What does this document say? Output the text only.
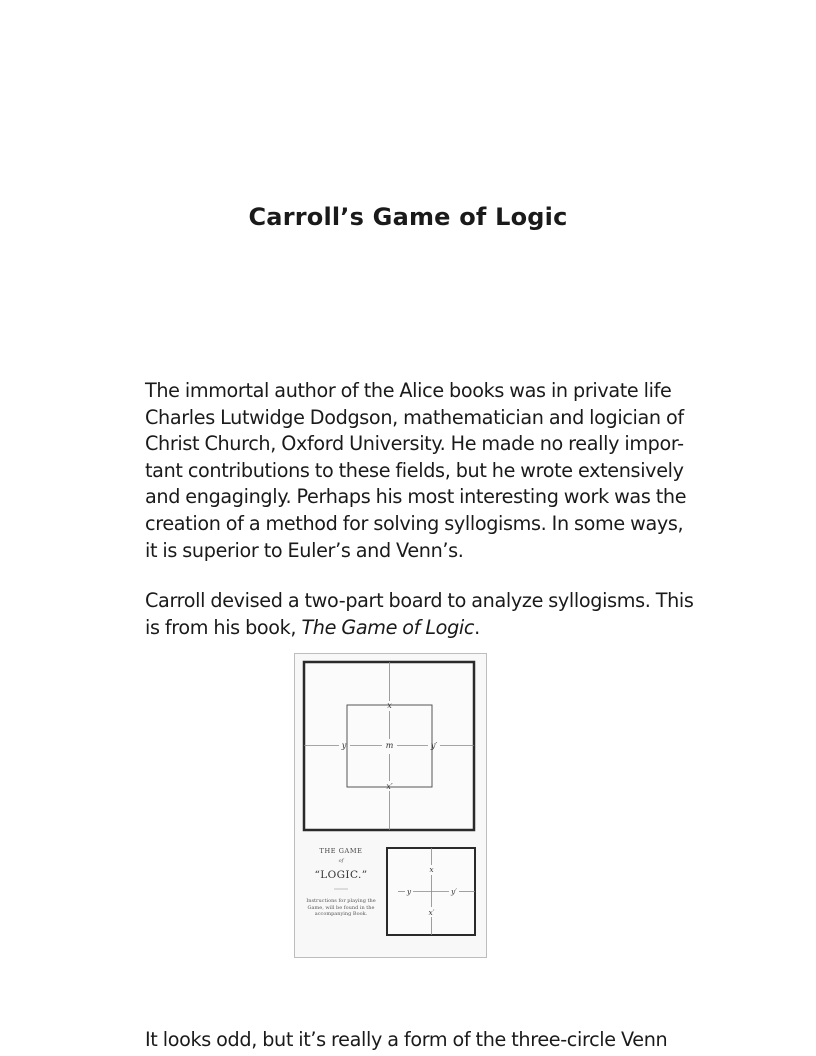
Carroll’s Game of Logic

The immortal author of the Alice books was in private life
Charles Lutwidge Dodgson, mathematician and logician of
Christ Church, Oxford University. He made no really impor-
tant contributions to these fields, but he wrote extensively
and engagingly. Perhaps his most interesting work was the
creation of a method for solving syllogisms. In some ways,
it is superior to Euler’s and Venn’s.

Carroll devised a two-part board to analyze syllogisms. This
is from his book, The Game of Logic.

x
y	m	y′
x′
THE GAME
of
“LOGIC.”
Instructions for playing the Game, will be found in the accompanying Book.
x
y	y′
x′

It looks odd, but it’s really a form of the three-circle Venn
